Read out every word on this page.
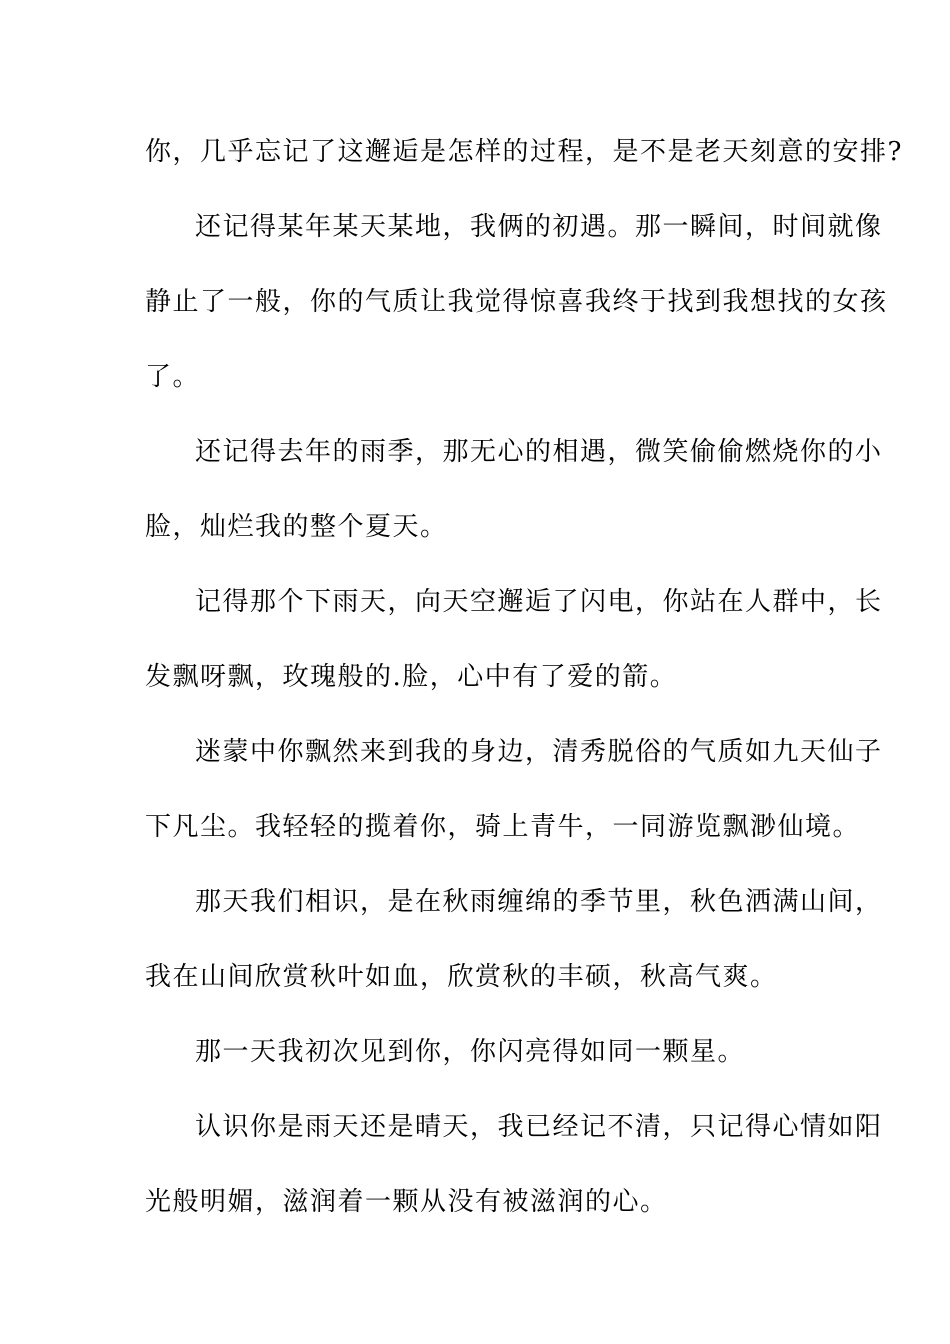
你，几乎忘记了这邂逅是怎样的过程，是不是老天刻意的安排?
还记得某年某天某地，我俩的初遇。那一瞬间，时间就像
静止了一般，你的气质让我觉得惊喜我终于找到我想找的女孩
了。
还记得去年的雨季，那无心的相遇，微笑偷偷燃烧你的小
脸，灿烂我的整个夏天。
记得那个下雨天，向天空邂逅了闪电，你站在人群中，长
发飘呀飘，玫瑰般的.脸，心中有了爱的箭。
迷蒙中你飘然来到我的身边，清秀脱俗的气质如九天仙子
下凡尘。我轻轻的揽着你，骑上青牛，一同游览飘渺仙境。
那天我们相识，是在秋雨缠绵的季节里，秋色洒满山间，
我在山间欣赏秋叶如血，欣赏秋的丰硕，秋高气爽。
那一天我初次见到你，你闪亮得如同一颗星。
认识你是雨天还是晴天，我已经记不清，只记得心情如阳
光般明媚，滋润着一颗从没有被滋润的心。
